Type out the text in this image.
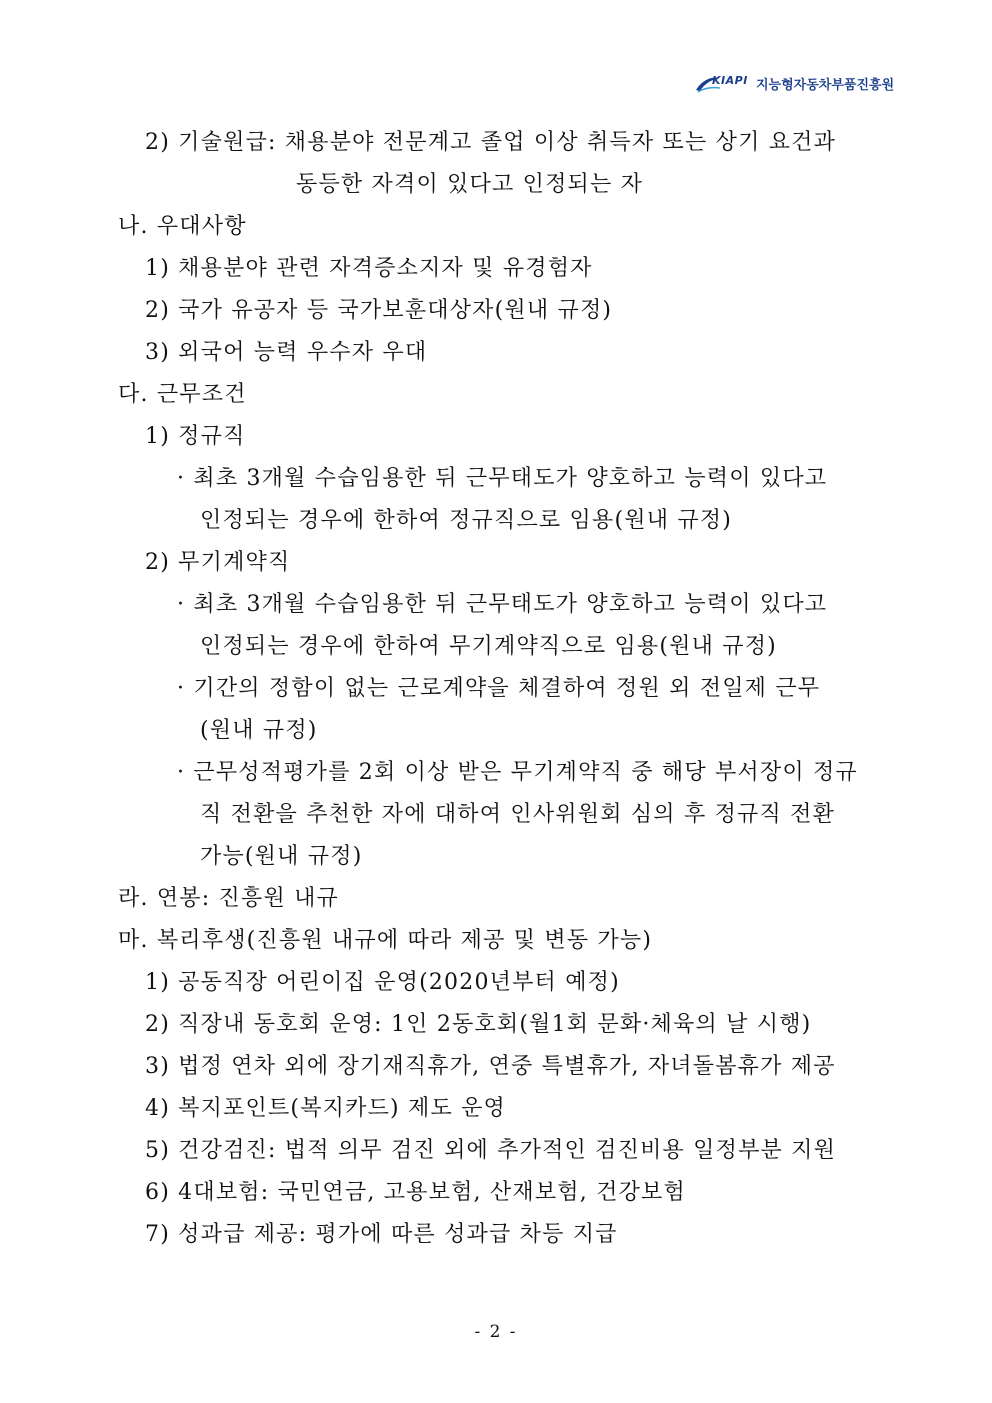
KIAPI 지능형자동차부품진흥원
2) 기술원급: 채용분야 전문계고 졸업 이상 취득자 또는 상기 요건과
동등한 자격이 있다고 인정되는 자
나. 우대사항
1) 채용분야 관련 자격증소지자 및 유경험자
2) 국가 유공자 등 국가보훈대상자(원내 규정)
3) 외국어 능력 우수자 우대
다. 근무조건
1) 정규직
· 최초 3개월 수습임용한 뒤 근무태도가 양호하고 능력이 있다고
인정되는 경우에 한하여 정규직으로 임용(원내 규정)
2) 무기계약직
· 최초 3개월 수습임용한 뒤 근무태도가 양호하고 능력이 있다고
인정되는 경우에 한하여 무기계약직으로 임용(원내 규정)
· 기간의 정함이 없는 근로계약을 체결하여 정원 외 전일제 근무
(원내 규정)
· 근무성적평가를 2회 이상 받은 무기계약직 중 해당 부서장이 정규
직 전환을 추천한 자에 대하여 인사위원회 심의 후 정규직 전환
가능(원내 규정)
라. 연봉: 진흥원 내규
마. 복리후생(진흥원 내규에 따라 제공 및 변동 가능)
1) 공동직장 어린이집 운영(2020년부터 예정)
2) 직장내 동호회 운영: 1인 2동호회(월1회 문화·체육의 날 시행)
3) 법정 연차 외에 장기재직휴가, 연중 특별휴가, 자녀돌봄휴가 제공
4) 복지포인트(복지카드) 제도 운영
5) 건강검진: 법적 의무 검진 외에 추가적인 검진비용 일정부분 지원
6) 4대보험: 국민연금, 고용보험, 산재보험, 건강보험
7) 성과급 제공: 평가에 따른 성과급 차등 지급
- 2 -
